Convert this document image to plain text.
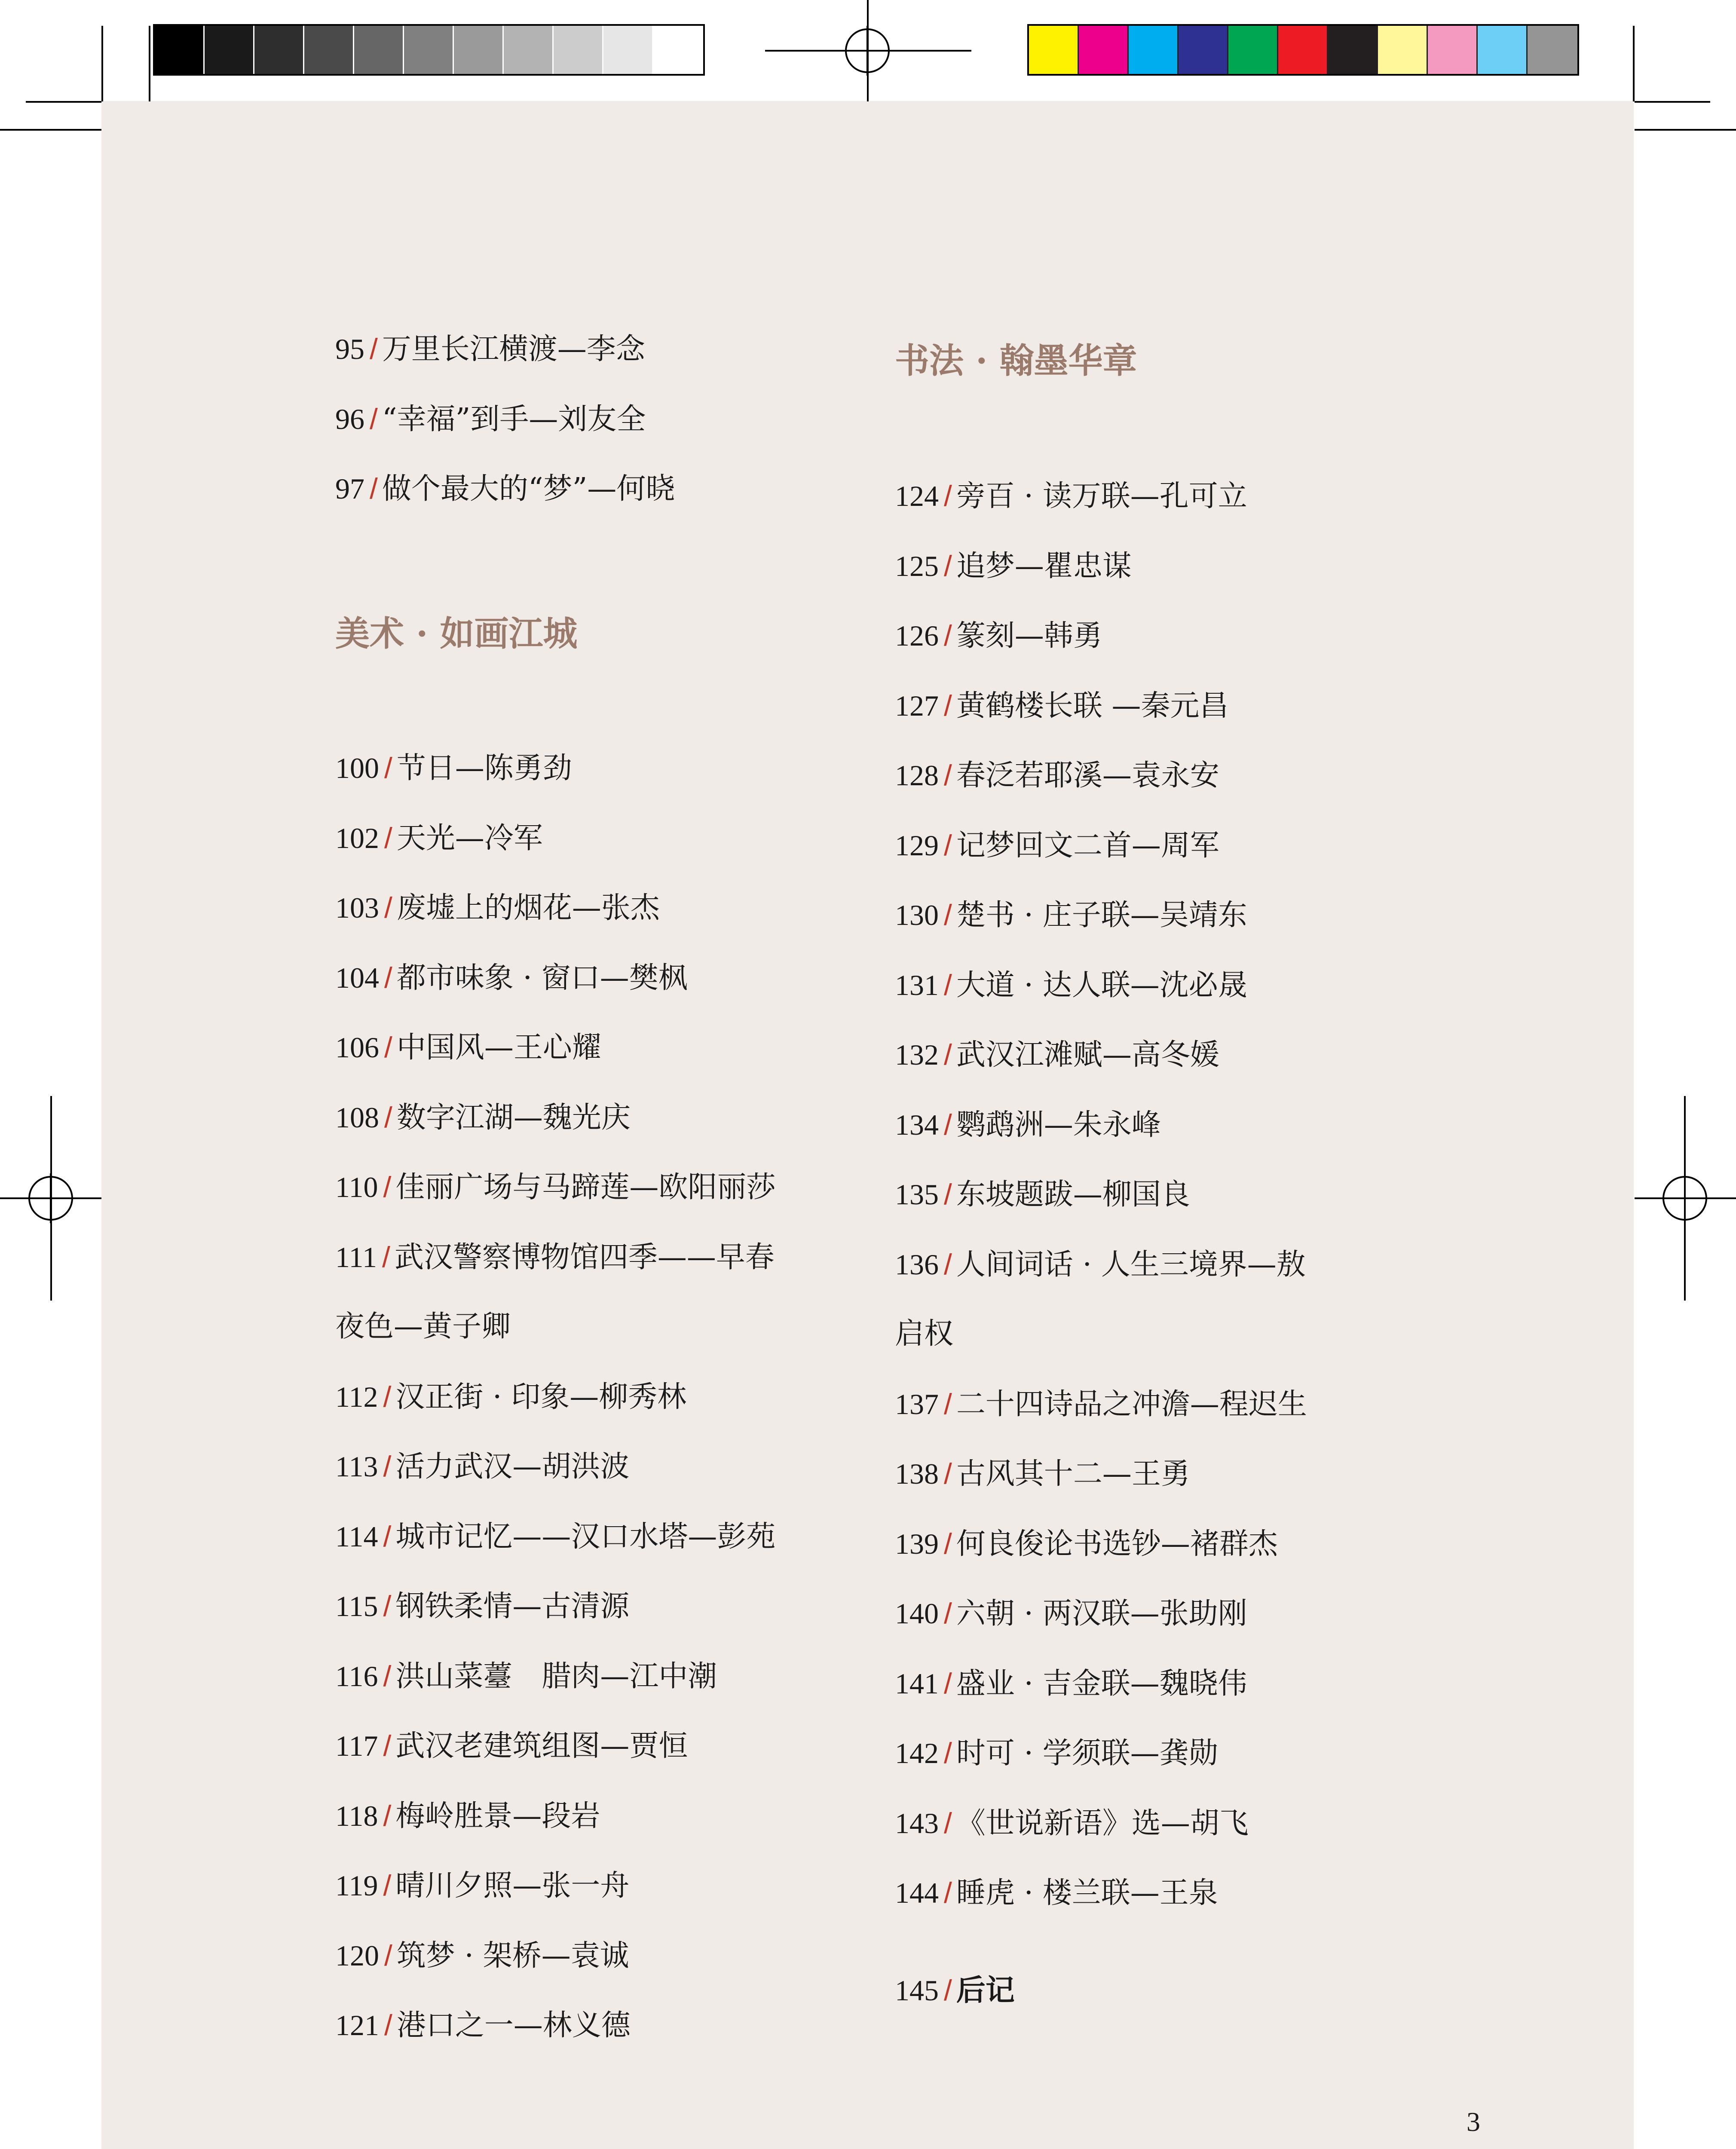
美术 · 如画江城
95 / 万里长江横渡—李念
96 / “幸福”到手—刘友全
97 / 做个最大的“梦”—何晓
100 / 节日—陈勇劲
102 / 天光—冷军
103 / 废墟上的烟花—张杰
104 / 都市味象 · 窗口—樊枫
106 / 中国风—王心耀
108 / 数字江湖—魏光庆
110 / 佳丽广场与马蹄莲—欧阳丽莎
111 / 武汉警察博物馆四季——早春
夜色—黄子卿
112 / 汉正街 · 印象—柳秀林
113 / 活力武汉—胡洪波
114 / 城市记忆——汉口水塔—彭苑
115 / 钢铁柔情—古清源
116 / 洪山菜薹　腊肉—江中潮
117 / 武汉老建筑组图—贾恒
118 / 梅岭胜景—段岩
119 / 晴川夕照—张一舟
120 / 筑梦 · 架桥—袁诚
121 / 港口之一—林义德
书法 · 翰墨华章
124 / 旁百 · 读万联—孔可立
125 / 追梦—瞿忠谋
126 / 篆刻—韩勇
127 / 黄鹤楼长联 —秦元昌
128 / 春泛若耶溪—袁永安
129 / 记梦回文二首—周军
130 / 楚书 · 庄子联—吴靖东
131 / 大道 · 达人联—沈必晟
132 / 武汉江滩赋—高冬媛
134 / 鹦鹉洲—朱永峰
135 / 东坡题跋—柳国良
136 / 人间词话 · 人生三境界—敖
启权
137 / 二十四诗品之冲澹—程迟生
138 / 古风其十二—王勇
139 / 何良俊论书选钞—褚群杰
140 / 六朝 · 两汉联—张助刚
141 / 盛业 · 吉金联—魏晓伟
142 / 时可 · 学须联—龚勋
143 / 《世说新语》选—胡飞
144 / 睡虎 · 楼兰联—王泉
145 / 后记
3
